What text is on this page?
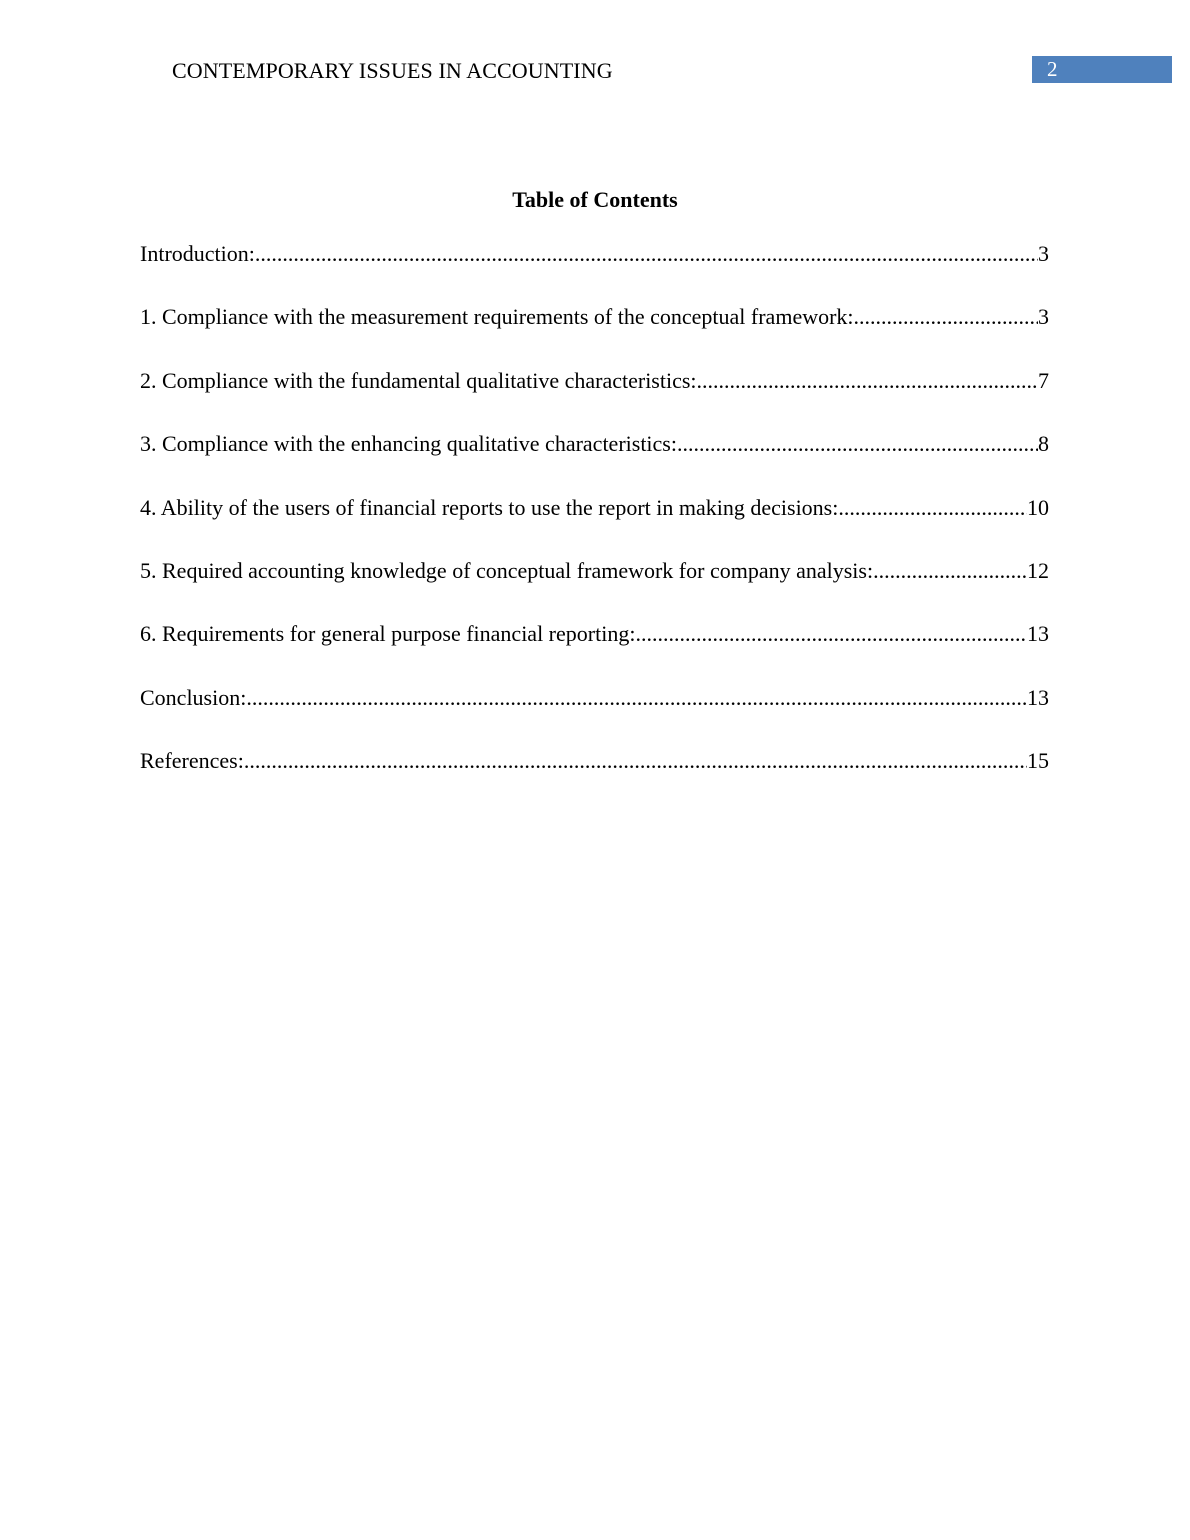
CONTEMPORARY ISSUES IN ACCOUNTING	2
Table of Contents
Introduction: .....	3
1. Compliance with the measurement requirements of the conceptual framework: .....	3
2. Compliance with the fundamental qualitative characteristics: .....	7
3. Compliance with the enhancing qualitative characteristics: .....	8
4. Ability of the users of financial reports to use the report in making decisions: .....	10
5. Required accounting knowledge of conceptual framework for company analysis: .....	12
6. Requirements for general purpose financial reporting: .....	13
Conclusion: .....	13
References: .....	15
